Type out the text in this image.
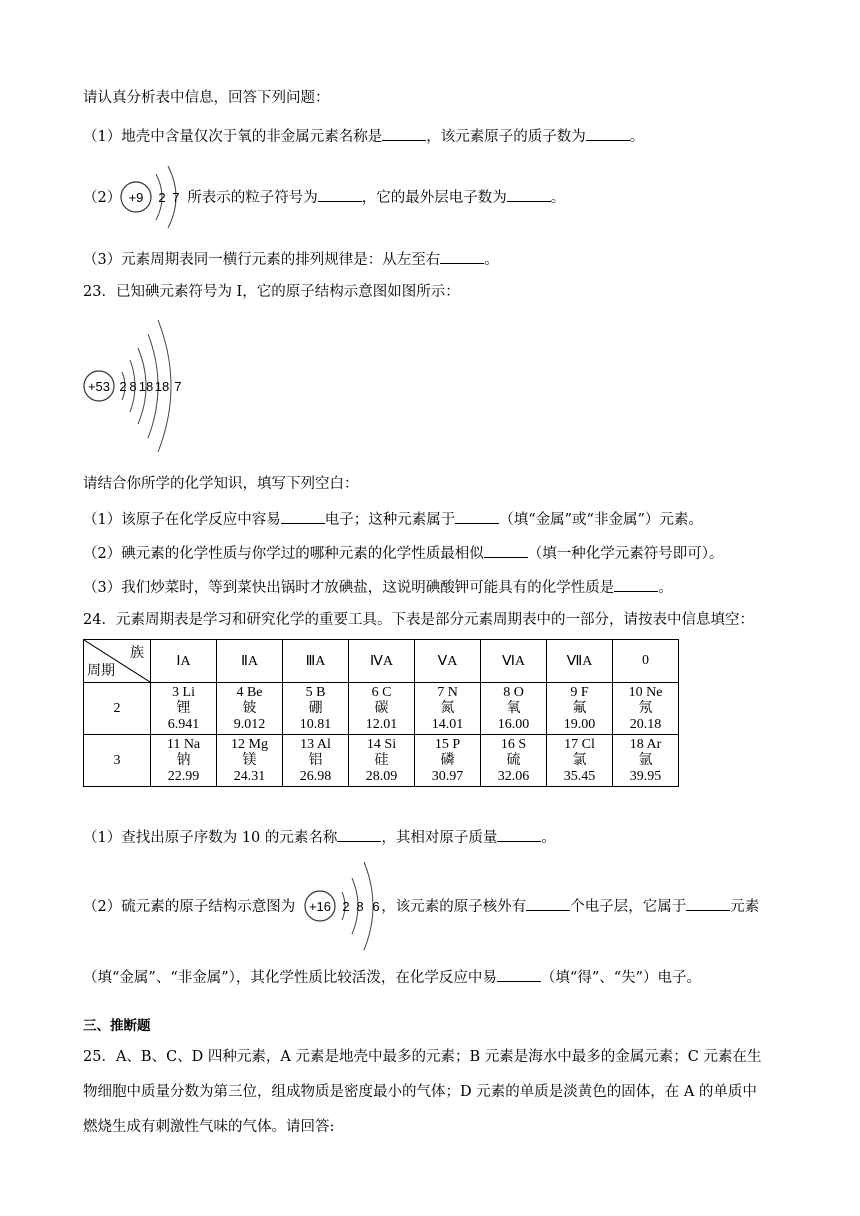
请认真分析表中信息，回答下列问题：
（1）地壳中含量仅次于氧的非金属元素名称是	，该元素原子的质子数为	。
（2）	所表示的粒子符号为	，它的最外层电子数为	。
+9 2 7
（3）元素周期表同一横行元素的排列规律是：从左至右	。
23．已知碘元素符号为 I，它的原子结构示意图如图所示：
+53 2 8 18 18 7
请结合你所学的化学知识，填写下列空白：
（1）该原子在化学反应中容易	电子；这种元素属于	（填“金属”或“非金属”）元素。
（2）碘元素的化学性质与你学过的哪种元素的化学性质最相似	（填一种化学元素符号即可）。
（3）我们炒菜时，等到菜快出锅时才放碘盐，这说明碘酸钾可能具有的化学性质是	。
24．元素周期表是学习和研究化学的重要工具。下表是部分元素周期表中的一部分，请按表中信息填空：
族
周期	ⅠA	ⅡA	ⅢA	ⅣA	ⅤA	ⅥA	ⅦA	0
2	3 Li
锂
6.941	4 Be
铍
9.012	5 B
硼
10.81	6 C
碳
12.01	7 N
氮
14.01	8 O
氧
16.00	9 F
氟
19.00	10 Ne
氖
20.18

3	11 Na
钠
22.99	12 Mg
镁
24.31	13 Al
铝
26.98	14 Si
硅
28.09	15 P
磷
30.97	16 S
硫
32.06	17 Cl
氯
35.45	18 Ar
氩
39.95
（1）查找出原子序数为 10 的元素名称	，其相对原子质量	。
（2）硫元素的原子结构示意图为	，该元素的原子核外有	个电子层，它属于	元素
+16 2 8 6
（填“金属”、“非金属”），其化学性质比较活泼，在化学反应中易	（填“得”、“失”）电子。
三、推断题
25．A、B、C、D 四种元素，A 元素是地壳中最多的元素；B 元素是海水中最多的金属元素；C 元素在生
物细胞中质量分数为第三位，组成物质是密度最小的气体；D 元素的单质是淡黄色的固体，在 A 的单质中
燃烧生成有刺激性气味的气体。请回答:
